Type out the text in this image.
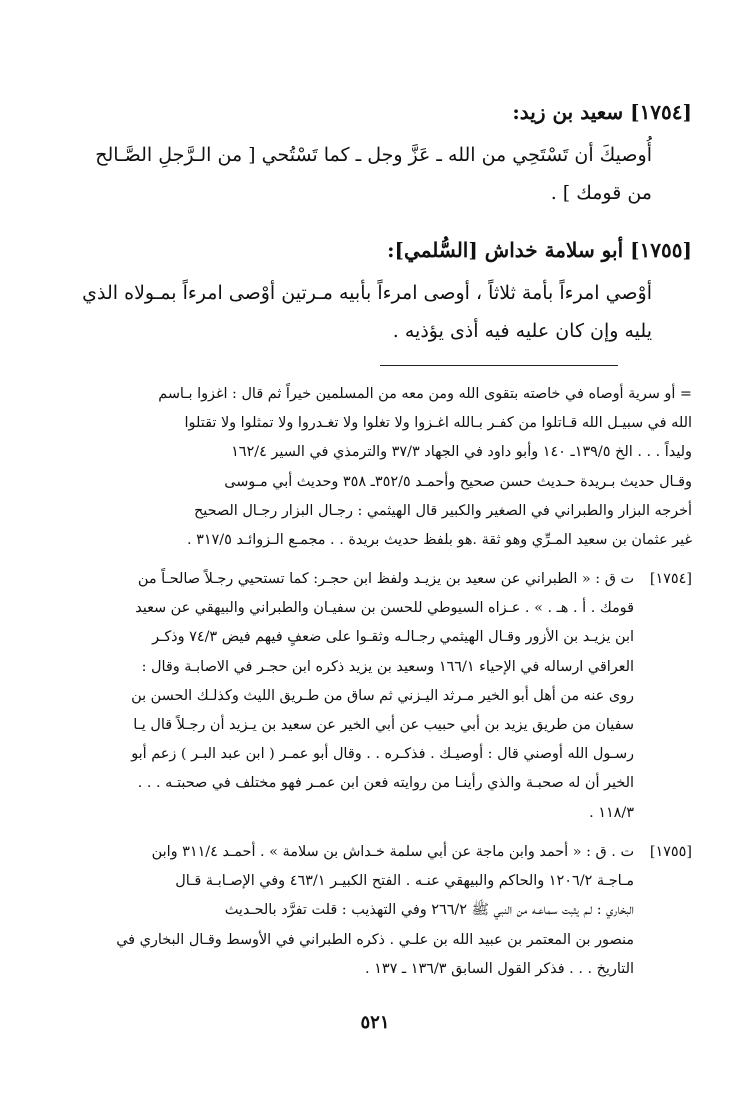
[١٧٥٤] سعيد بن زيد:
أُوصيكَ أن تَسْتَحِي من الله ـ عَزَّ وجل ـ كما تَسْتُحي [ من الـرَّجلِ الصَّـالح
من قومك ] .
[١٧٥٥] أبو سلامة خداش [السُّلمي]:
أوْصي امرءاً بأمة ثلاثاً ، أوصى امرءاً بأبيه مـرتين أوْصى امرءاً بمـولاه الذي
يليه وإن كان عليه فيه أذى يؤذيه .
= أو سرية أوصاه في خاصته بتقوى الله ومن معه من المسلمين خيراً ثم قال : اغزوا بـاسم
الله في سبيـل الله قـاتلوا من كفـر بـالله اغـزوا ولا تغلوا ولا تغـدروا ولا تمثلوا ولا تقتلوا
وليداً . . . الخ ١٣٩/٥ـ ١٤٠ وأبو داود في الجهاد ٣٧/٣ والترمذي في السير ١٦٢/٤
وقـال حديث بـريدة حـديث حسن صحيح وأحمـد ٣٥٢/٥ـ ٣٥٨ وحديث أبي مـوسى
أخرجه البزار والطبراني في الصغير والكبير قال الهيثمي : رجـال البزار رجـال الصحيح
غير عثمان بن سعيد المـرِّي وهو ثقة .هو بلفظ حديث بريدة . . مجمـع الـزوائـد ٣١٧/٥ .
[١٧٥٤]
ت ق : « الطبراني عن سعيد بن يزيـد ولفظ ابن حجـر: كما تستحيي رجـلاً صالحـاً من
قومك . أ . هـ . » . عـزاه السيوطي للحسن بن سفيـان والطبراني والبيهقي عن سعيد
ابن يزيـد بن الأزور وقـال الهيثمي رجـالـه وثقـوا على ضعفٍ فيهم فيض ٧٤/٣ وذكـر
العراقي ارساله في الإحياء ١٦٦/١ وسعيد بن يزيد ذكره ابن حجـر في الاصابـة وقال :
روى عنه من أهل أبو الخير مـرثد اليـزني ثم ساق من طـريق الليث وكذلـك الحسن بن
سفيان من طريق يزيد بن أبي حبيب عن أبي الخير عن سعيد بن يـزيد أن رجـلاً قال يـا
رسـول الله أوصني قال : أوصيـك . فذكـره . . وقال أبو عمـر ( ابن عبد البـر ) زعم أبو
الخير أن له صحبـة والذي رأينـا من روايته فعن ابن عمـر فهو مختلف في صحبتـه . . .
١١٨/٣ .
[١٧٥٥]
ت . ق : « أحمد وابن ماجة عن أبي سلمة خـداش بن سلامة » . أحمـد ٣١١/٤ وابن
مـاجـة ١٢٠٦/٢ والحاكم والبيهقي عنـه . الفتح الكبيـر ٤٦٣/١ وفي الإصـابـة قـال
البخاري : لـم يثبت سماعـه من النبي ﷺ ٢٦٦/٢ وفي التهذيب : قلت تفرَّد بالحـديث
منصور بن المعتمر بن عبيد الله بن علـي . ذكره الطبراني في الأوسط وقـال البخاري في
التاريخ . . . فذكر القول السابق ١٣٦/٣ ـ ١٣٧ .
٥٢١
